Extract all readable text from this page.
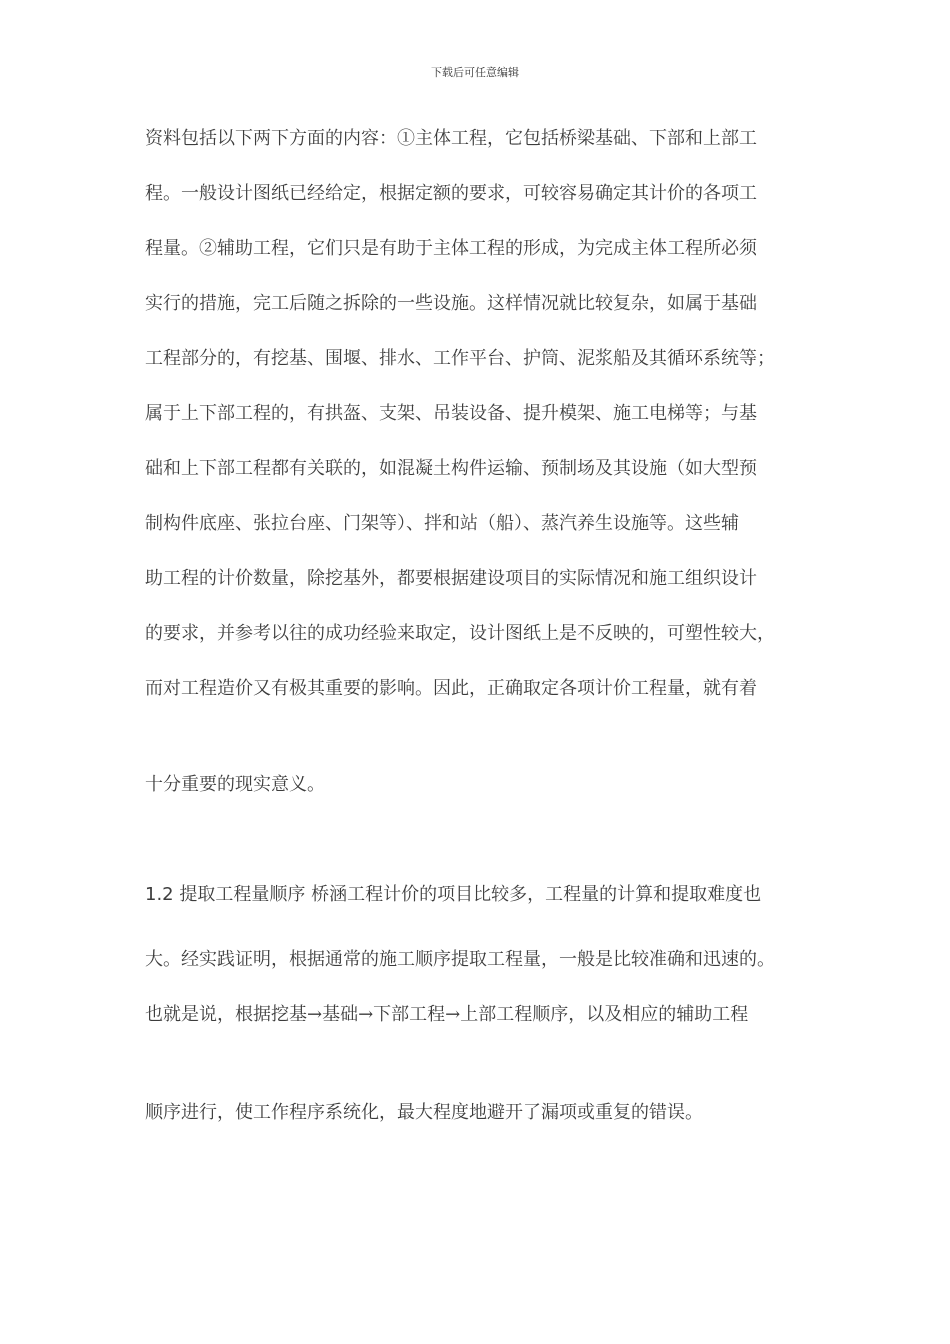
下载后可任意编辑
资料包括以下两下方面的内容：①主体工程，它包括桥梁基础、下部和上部工
程。一般设计图纸已经给定，根据定额的要求，可较容易确定其计价的各项工
程量。②辅助工程，它们只是有助于主体工程的形成，为完成主体工程所必须
实行的措施，完工后随之拆除的一些设施。这样情况就比较复杂，如属于基础
工程部分的，有挖基、围堰、排水、工作平台、护筒、泥浆船及其循环系统等；
属于上下部工程的，有拱盔、支架、吊装设备、提升模架、施工电梯等；与基
础和上下部工程都有关联的，如混凝土构件运输、预制场及其设施（如大型预
制构件底座、张拉台座、门架等）、拌和站（船）、蒸汽养生设施等。这些辅
助工程的计价数量，除挖基外，都要根据建设项目的实际情况和施工组织设计
的要求，并参考以往的成功经验来取定，设计图纸上是不反映的，可塑性较大，
而对工程造价又有极其重要的影响。因此，正确取定各项计价工程量，就有着
十分重要的现实意义。
1.2 提取工程量顺序 桥涵工程计价的项目比较多，工程量的计算和提取难度也
大。经实践证明，根据通常的施工顺序提取工程量，一般是比较准确和迅速的。
也就是说，根据挖基→基础→下部工程→上部工程顺序，以及相应的辅助工程
顺序进行，使工作程序系统化，最大程度地避开了漏项或重复的错误。
